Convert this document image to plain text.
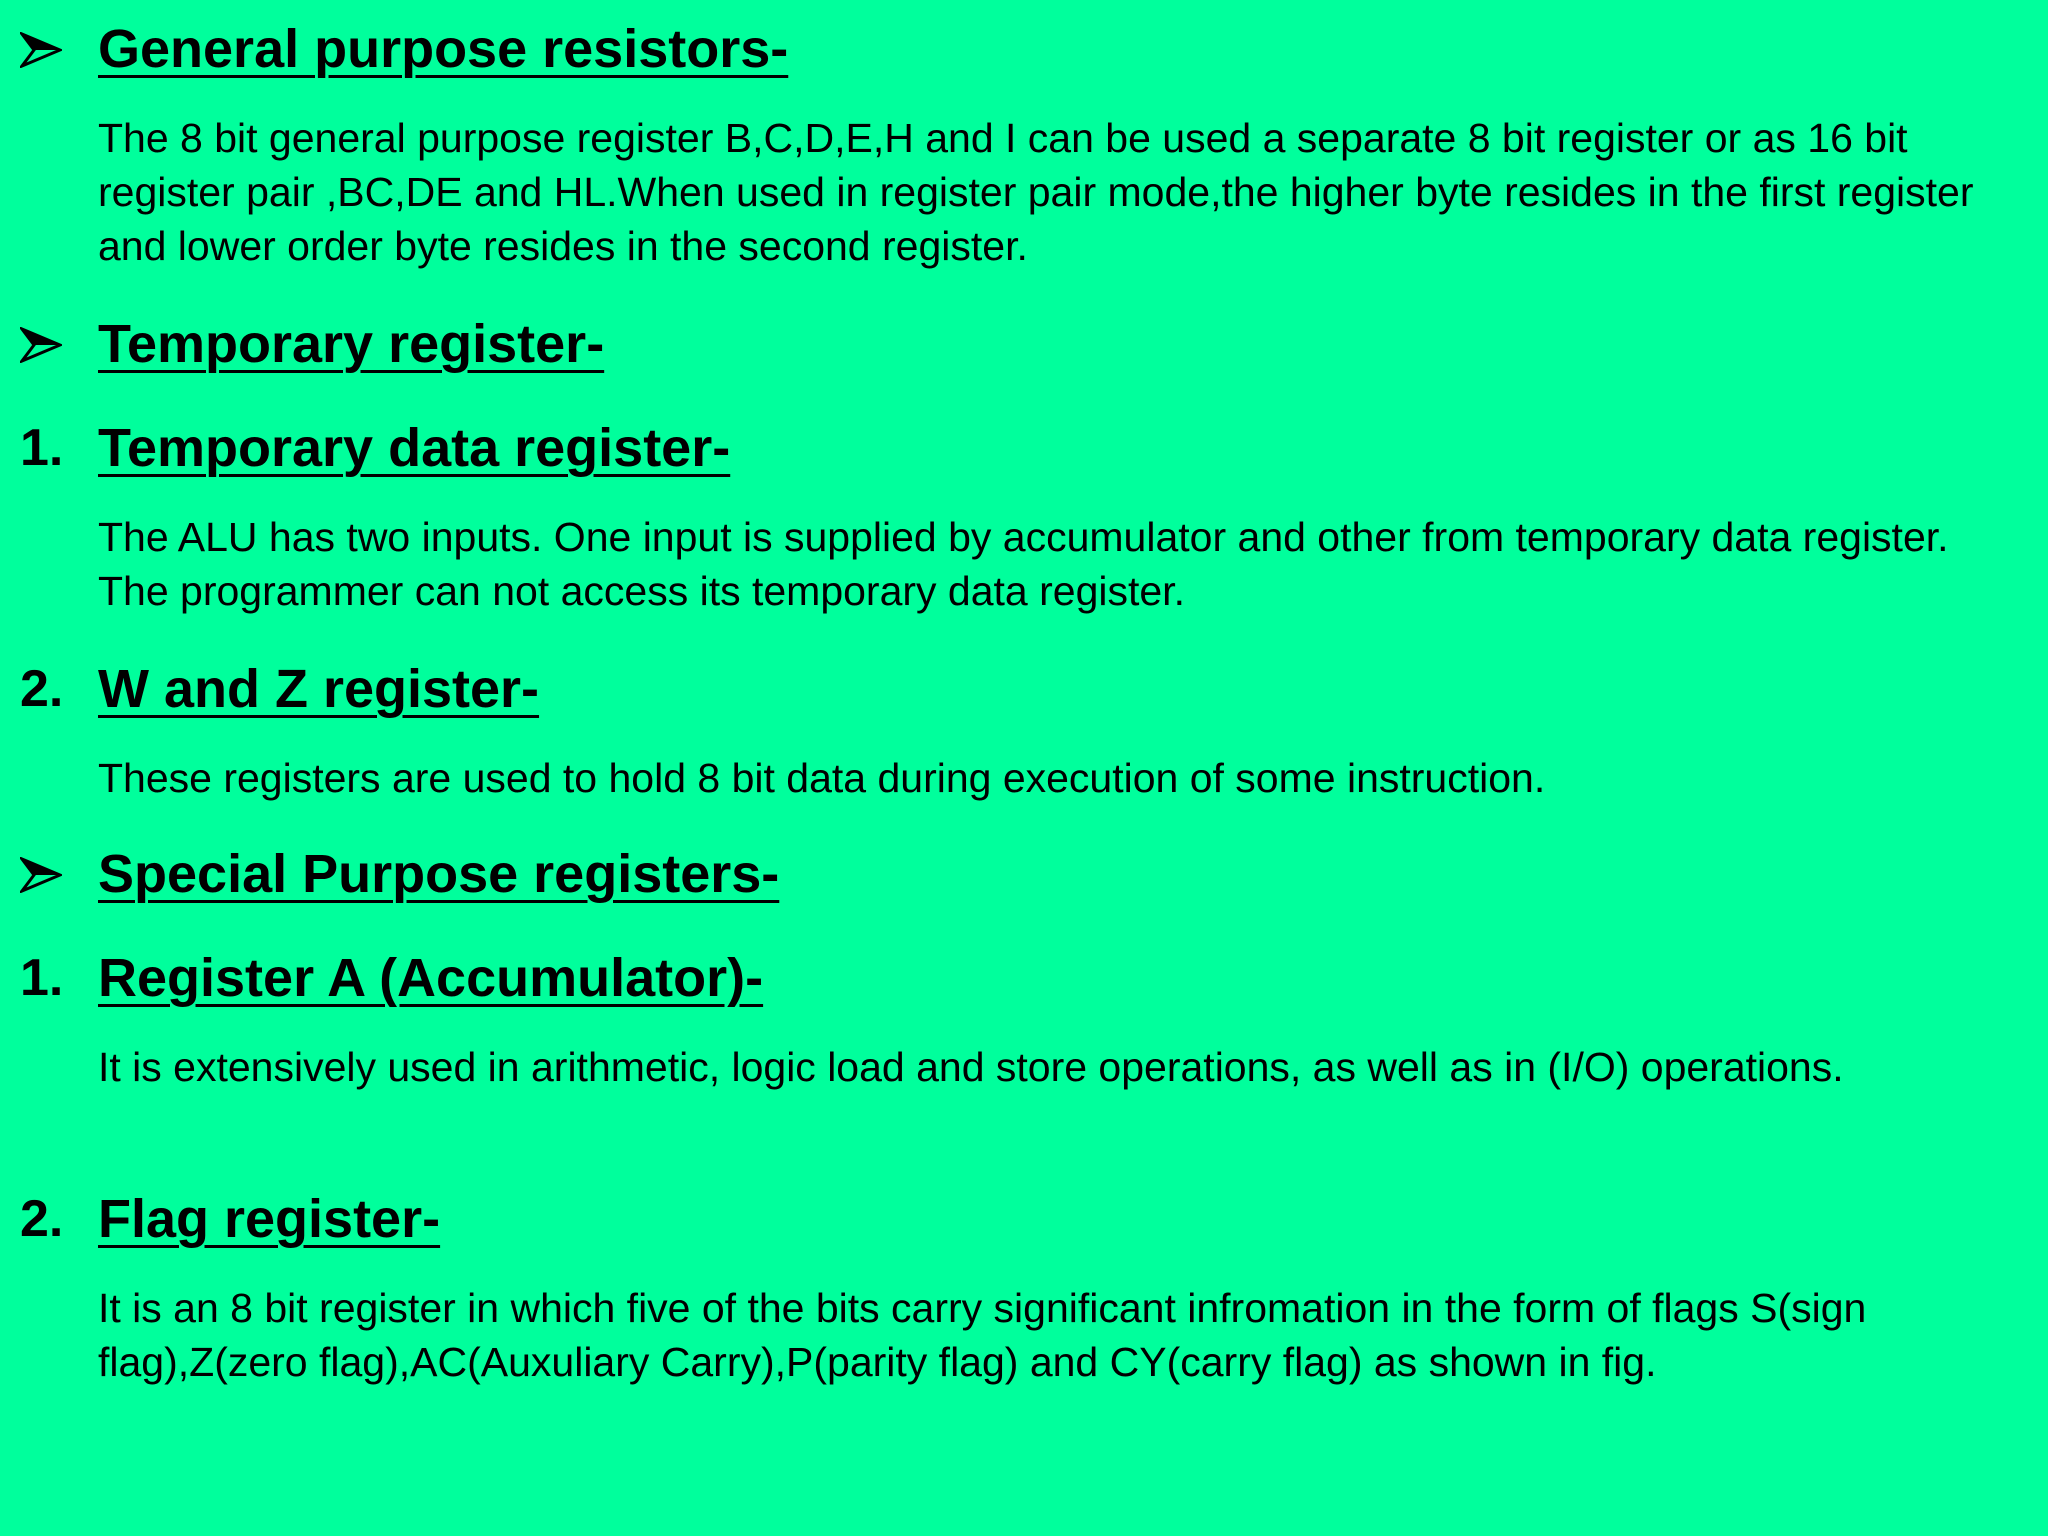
General purpose resistors-

The 8 bit general purpose register B,C,D,E,H and I can be used a separate 8 bit register or as 16 bit register pair ,BC,DE and HL.When used in register pair mode,the higher byte resides in the first register and lower order byte resides in the second register.

Temporary register-
1. Temporary data register-

The ALU has two inputs. One input is supplied by accumulator and other from temporary data register. The programmer can not access its temporary data register.

2. W and Z register-

These registers are used to hold 8 bit data during execution of some instruction.

Special Purpose registers-
1. Register A (Accumulator)-

It is extensively used in arithmetic, logic load and store operations, as well as in (I/O) operations.

2. Flag register-

It is an 8 bit register in which five of the bits carry significant infromation in the form of flags S(sign flag),Z(zero flag),AC(Auxuliary Carry),P(parity flag) and CY(carry flag) as shown in fig.
